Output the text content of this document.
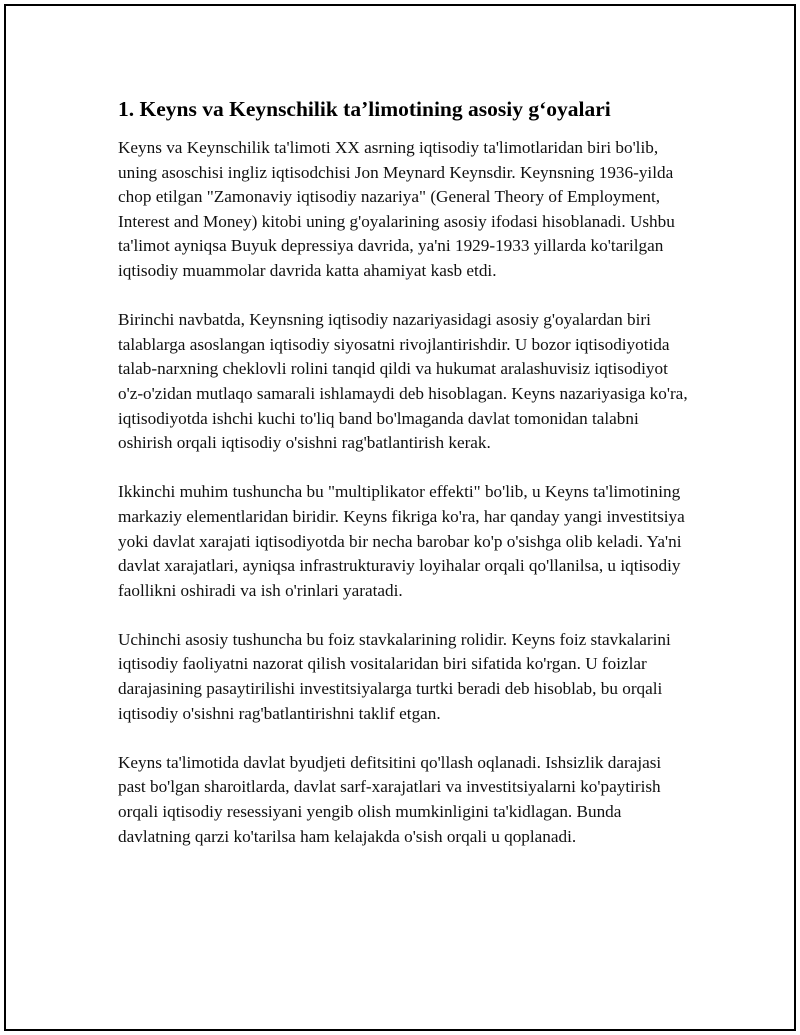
1. Keyns va Keynschilik ta’limotining asosiy g‘oyalari

Keyns va Keynschilik ta'limoti XX asrning iqtisodiy ta'limotlaridan biri bo'lib, uning asoschisi ingliz iqtisodchisi Jon Meynard Keynsdir. Keynsning 1936-yilda chop etilgan "Zamonaviy iqtisodiy nazariya" (General Theory of Employment, Interest and Money) kitobi uning g'oyalarining asosiy ifodasi hisoblanadi. Ushbu ta'limot ayniqsa Buyuk depressiya davrida, ya'ni 1929-1933 yillarda ko'tarilgan iqtisodiy muammolar davrida katta ahamiyat kasb etdi.

Birinchi navbatda, Keynsning iqtisodiy nazariyasidagi asosiy g'oyalardan biri talablarga asoslangan iqtisodiy siyosatni rivojlantirishdir. U bozor iqtisodiyotida talab-narxning cheklovli rolini tanqid qildi va hukumat aralashuvisiz iqtisodiyot o'z-o'zidan mutlaqo samarali ishlamaydi deb hisoblagan. Keyns nazariyasiga ko'ra, iqtisodiyotda ishchi kuchi to'liq band bo'lmaganda davlat tomonidan talabni oshirish orqali iqtisodiy o'sishni rag'batlantirish kerak.

Ikkinchi muhim tushuncha bu "multiplikator effekti" bo'lib, u Keyns ta'limotining markaziy elementlaridan biridir. Keyns fikriga ko'ra, har qanday yangi investitsiya yoki davlat xarajati iqtisodiyotda bir necha barobar ko'p o'sishga olib keladi. Ya'ni davlat xarajatlari, ayniqsa infrastrukturaviy loyihalar orqali qo'llanilsa, u iqtisodiy faollikni oshiradi va ish o'rinlari yaratadi.

Uchinchi asosiy tushuncha bu foiz stavkalarining rolidir. Keyns foiz stavkalarini iqtisodiy faoliyatni nazorat qilish vositalaridan biri sifatida ko'rgan. U foizlar darajasining pasaytirilishi investitsiyalarga turtki beradi deb hisoblab, bu orqali iqtisodiy o'sishni rag'batlantirishni taklif etgan.

Keyns ta'limotida davlat byudjeti defitsitini qo'llash oqlanadi. Ishsizlik darajasi past bo'lgan sharoitlarda, davlat sarf-xarajatlari va investitsiyalarni ko'paytirish orqali iqtisodiy resessiyani yengib olish mumkinligini ta'kidlagan. Bunda davlatning qarzi ko'tarilsa ham kelajakda o'sish orqali u qoplanadi.
